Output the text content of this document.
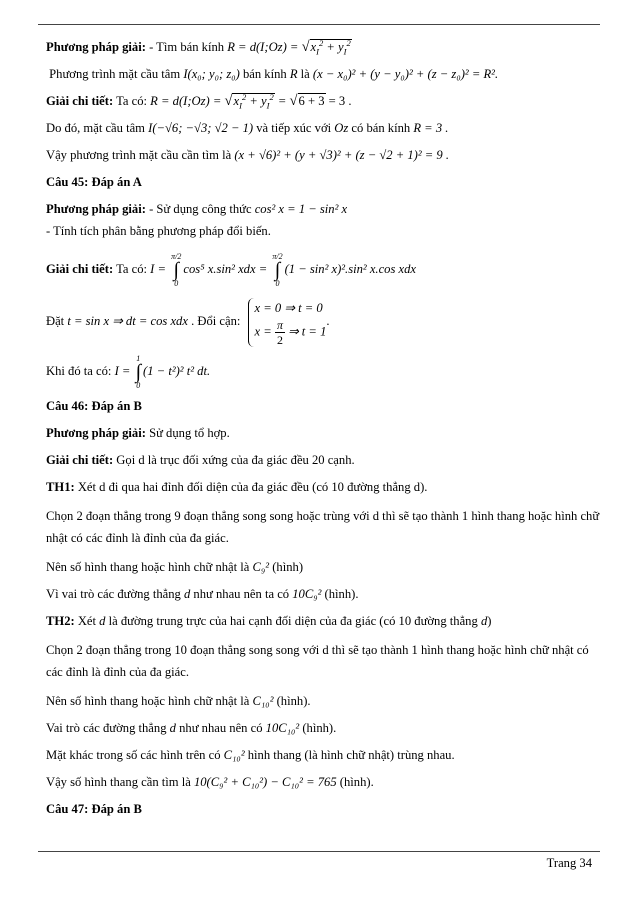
Phương pháp giải: - Tìm bán kính R = d(I;Oz) = $√x_I^2 + y_I^2$

Phương trình mặt cầu tâm I(x₀; y₀; z₀) bán kính R là (x − x₀)² + (y − y₀)² + (z − z₀)² = R².

Giải chi tiết: Ta có: R = d(I;Oz) = $√x_I^2 + y_I^2 = √6 + 3 = 3$ .

Do đó, mặt cầu tâm I(−√6; −√3; √2 − 1) và tiếp xúc với Oz có bán kính R = 3 .

Vậy phương trình mặt cầu cần tìm là (x + √6)² + (y + √3)² + (z − √2 + 1)² = 9 .

Câu 45: Đáp án A

Phương pháp giải: - Sử dụng công thức cos² x = 1 − sin² x

- Tính tích phân bằng phương pháp đổi biến.

Giải chi tiết: Ta có: I =
π/2
∫
0
cos⁵ x.sin² xdx =
π/2
∫
0
(1 − sin² x)².sin² x.cos xdx

Đặt t = sin x ⇒ dt = cos xdx . Đổi cận:
x = 0 ⇒ t = 0
$x = \frac{\pi}{2}$ ⇒ t = 1
.

Khi đó ta có: I =
1
∫
0
(1 − t²)² t² dt.

Câu 46: Đáp án B

Phương pháp giải: Sử dụng tổ hợp.

Giải chi tiết: Gọi d là trục đối xứng của đa giác đều 20 cạnh.

TH1: Xét d đi qua hai đỉnh đối diện của đa giác đều (có 10 đường thẳng d).

Chọn 2 đoạn thẳng trong 9 đoạn thẳng song song hoặc trùng với d thì sẽ tạo thành 1 hình thang hoặc hình chữ nhật có các đỉnh là đỉnh của đa giác.

Nên số hình thang hoặc hình chữ nhật là C₉² (hình)

Vì vai trò các đường thẳng d như nhau nên ta có 10C₉² (hình).

TH2: Xét d là đường trung trực của hai cạnh đối diện của đa giác (có 10 đường thẳng d)

Chọn 2 đoạn thẳng trong 10 đoạn thẳng song song với d thì sẽ tạo thành 1 hình thang hoặc hình chữ nhật có các đỉnh là đỉnh của đa giác.

Nên số hình thang hoặc hình chữ nhật là C₁₀² (hình).

Vai trò các đường thẳng d như nhau nên có 10C₁₀² (hình).

Mặt khác trong số các hình trên có C₁₀² hình thang (là hình chữ nhật) trùng nhau.

Vậy số hình thang cần tìm là 10(C₉² + C₁₀²) − C₁₀² = 765 (hình).

Câu 47: Đáp án B

Trang 34
